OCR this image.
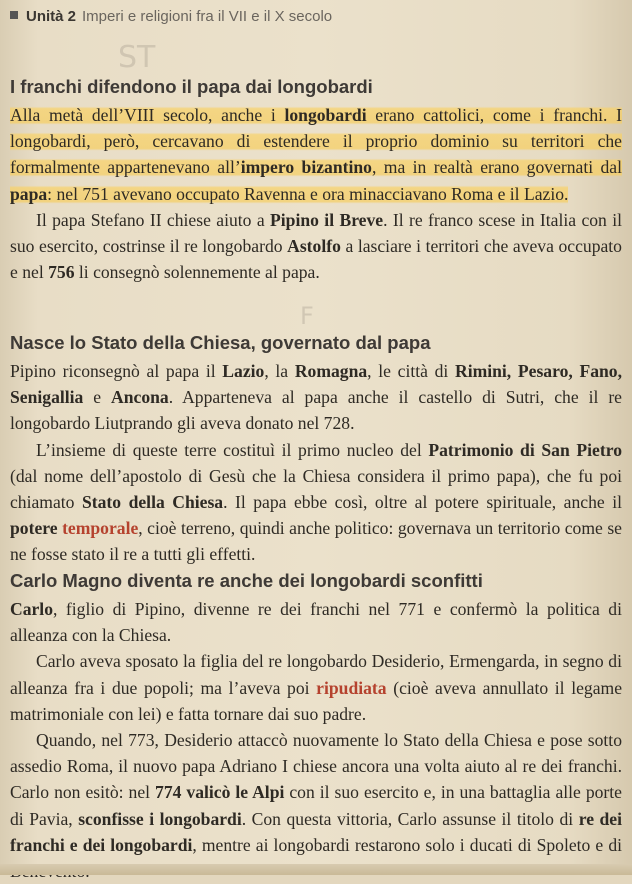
Unità 2 Imperi e religioni fra il VII e il X secolo
ST
F
I franchi difendono il papa dai longobardi

Alla metà dell’VIII secolo, anche i longobardi erano cattolici, come i franchi. I longobardi, però, cercavano di estendere il proprio dominio su territori che formalmente appartenevano all’impero bizantino, ma in realtà erano governati dal papa: nel 751 avevano occupato Ravenna e ora minacciavano Roma e il Lazio.

Il papa Stefano II chiese aiuto a Pipino il Breve. Il re franco scese in Italia con il suo esercito, costrinse il re longobardo Astolfo a lasciare i territori che aveva occupato e nel 756 li consegnò solennemente al papa.

Nasce lo Stato della Chiesa, governato dal papa

Pipino riconsegnò al papa il Lazio, la Romagna, le città di Rimini, Pesaro, Fano, Senigallia e Ancona. Apparteneva al papa anche il castello di Sutri, che il re longobardo Liutprando gli aveva donato nel 728.

L’insieme di queste terre costituì il primo nucleo del Patrimonio di San Pietro (dal nome dell’apostolo di Gesù che la Chiesa considera il primo papa), che fu poi chiamato Stato della Chiesa. Il papa ebbe così, oltre al potere spirituale, anche il potere temporale, cioè terreno, quindi anche politico: governava un territorio come se ne fosse stato il re a tutti gli effetti.

Carlo Magno diventa re anche dei longobardi sconfitti

Carlo, figlio di Pipino, divenne re dei franchi nel 771 e confermò la politica di alleanza con la Chiesa.

Carlo aveva sposato la figlia del re longobardo Desiderio, Ermengarda, in segno di alleanza fra i due popoli; ma l’aveva poi ripudiata (cioè aveva annullato il legame matrimoniale con lei) e fatta tornare dai suo padre.

Quando, nel 773, Desiderio attaccò nuovamente lo Stato della Chiesa e pose sotto assedio Roma, il nuovo papa Adriano I chiese ancora una volta aiuto al re dei franchi. Carlo non esitò: nel 774 valicò le Alpi con il suo esercito e, in una battaglia alle porte di Pavia, sconfisse i longobardi. Con questa vittoria, Carlo assunse il titolo di re dei franchi e dei longobardi, mentre ai longobardi restarono solo i ducati di Spoleto e di
